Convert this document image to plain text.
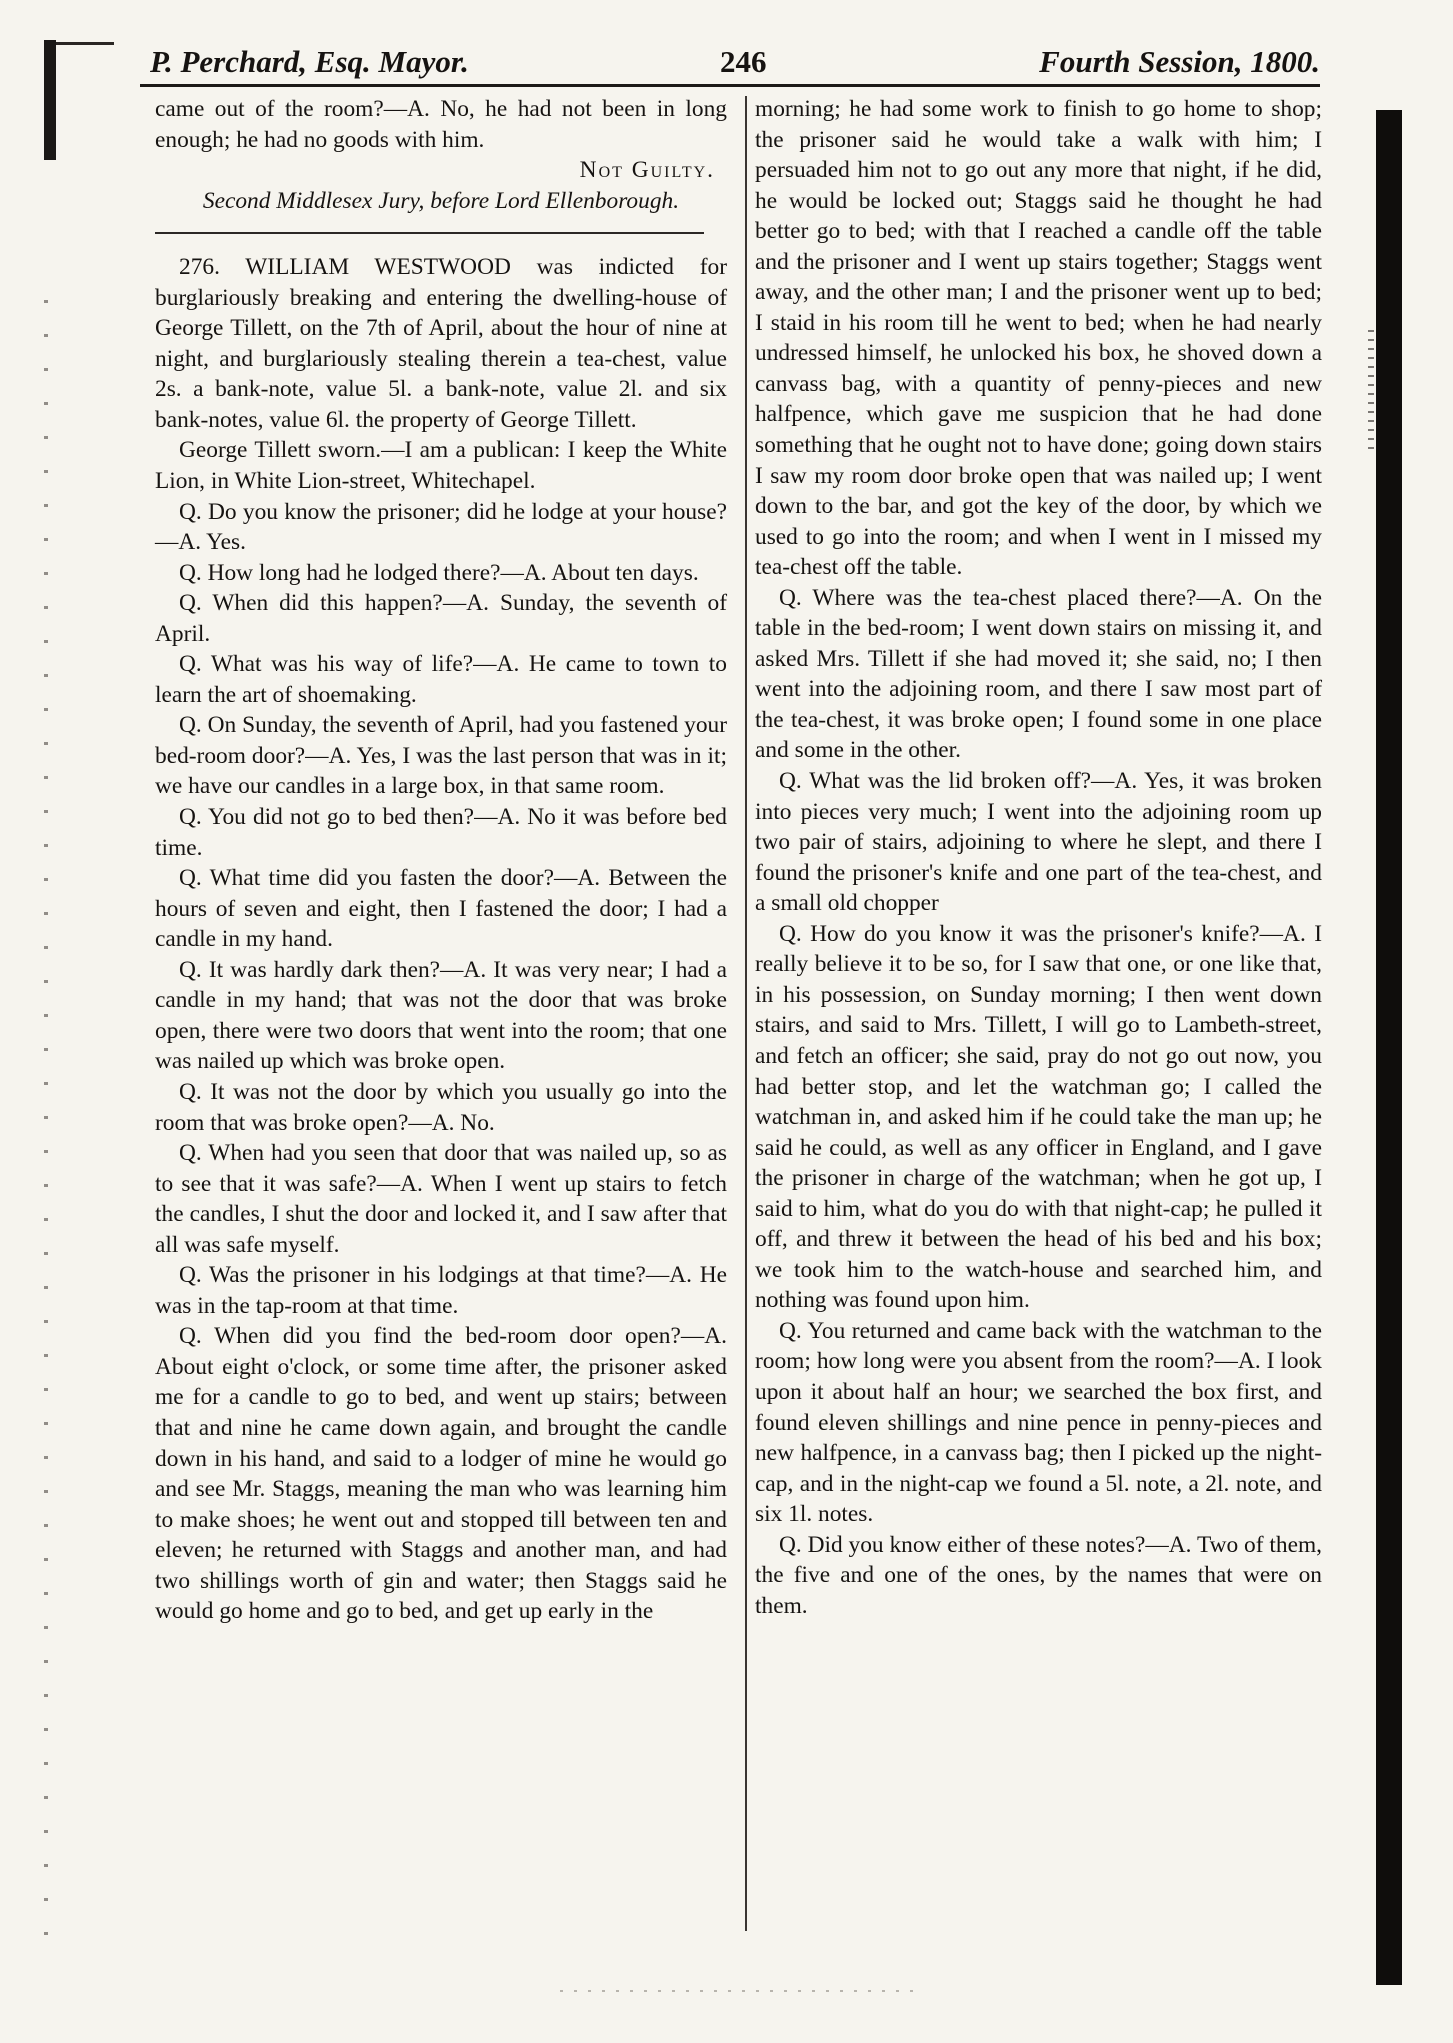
P. Perchard, Esq. Mayor.	246	Fourth Session, 1800.

came out of the room?—A. No, he had not been in long enough; he had no goods with him.

Not Guilty.

Second Middlesex Jury, before Lord Ellenborough.

276. WILLIAM WESTWOOD was indicted for burglariously breaking and entering the dwelling-house of George Tillett, on the 7th of April, about the hour of nine at night, and burglariously stealing therein a tea-chest, value 2s. a bank-note, value 5l. a bank-note, value 2l. and six bank-notes, value 6l. the property of George Tillett.

George Tillett sworn.—I am a publican: I keep the White Lion, in White Lion-street, Whitechapel.

Q. Do you know the prisoner; did he lodge at your house?—A. Yes.

Q. How long had he lodged there?—A. About ten days.

Q. When did this happen?—A. Sunday, the seventh of April.

Q. What was his way of life?—A. He came to town to learn the art of shoemaking.

Q. On Sunday, the seventh of April, had you fastened your bed-room door?—A. Yes, I was the last person that was in it; we have our candles in a large box, in that same room.

Q. You did not go to bed then?—A. No it was before bed time.

Q. What time did you fasten the door?—A. Between the hours of seven and eight, then I fastened the door; I had a candle in my hand.

Q. It was hardly dark then?—A. It was very near; I had a candle in my hand; that was not the door that was broke open, there were two doors that went into the room; that one was nailed up which was broke open.

Q. It was not the door by which you usually go into the room that was broke open?—A. No.

Q. When had you seen that door that was nailed up, so as to see that it was safe?—A. When I went up stairs to fetch the candles, I shut the door and locked it, and I saw after that all was safe myself.

Q. Was the prisoner in his lodgings at that time?—A. He was in the tap-room at that time.

Q. When did you find the bed-room door open?—A. About eight o'clock, or some time after, the prisoner asked me for a candle to go to bed, and went up stairs; between that and nine he came down again, and brought the candle down in his hand, and said to a lodger of mine he would go and see Mr. Staggs, meaning the man who was learning him to make shoes; he went out and stopped till between ten and eleven; he returned with Staggs and another man, and had two shillings worth of gin and water; then Staggs said he would go home and go to bed, and get up early in the

morning; he had some work to finish to go home to shop; the prisoner said he would take a walk with him; I persuaded him not to go out any more that night, if he did, he would be locked out; Staggs said he thought he had better go to bed; with that I reached a candle off the table and the prisoner and I went up stairs together; Staggs went away, and the other man; I and the prisoner went up to bed; I staid in his room till he went to bed; when he had nearly undressed himself, he unlocked his box, he shoved down a canvass bag, with a quantity of penny-pieces and new halfpence, which gave me suspicion that he had done something that he ought not to have done; going down stairs I saw my room door broke open that was nailed up; I went down to the bar, and got the key of the door, by which we used to go into the room; and when I went in I missed my tea-chest off the table.

Q. Where was the tea-chest placed there?—A. On the table in the bed-room; I went down stairs on missing it, and asked Mrs. Tillett if she had moved it; she said, no; I then went into the adjoining room, and there I saw most part of the tea-chest, it was broke open; I found some in one place and some in the other.

Q. What was the lid broken off?—A. Yes, it was broken into pieces very much; I went into the adjoining room up two pair of stairs, adjoining to where he slept, and there I found the prisoner's knife and one part of the tea-chest, and a small old chopper

Q. How do you know it was the prisoner's knife?—A. I really believe it to be so, for I saw that one, or one like that, in his possession, on Sunday morning; I then went down stairs, and said to Mrs. Tillett, I will go to Lambeth-street, and fetch an officer; she said, pray do not go out now, you had better stop, and let the watchman go; I called the watchman in, and asked him if he could take the man up; he said he could, as well as any officer in England, and I gave the prisoner in charge of the watchman; when he got up, I said to him, what do you do with that night-cap; he pulled it off, and threw it between the head of his bed and his box; we took him to the watch-house and searched him, and nothing was found upon him.

Q. You returned and came back with the watchman to the room; how long were you absent from the room?—A. I look upon it about half an hour; we searched the box first, and found eleven shillings and nine pence in penny-pieces and new halfpence, in a canvass bag; then I picked up the night-cap, and in the night-cap we found a 5l. note, a 2l. note, and six 1l. notes.

Q. Did you know either of these notes?—A. Two of them, the five and one of the ones, by the names that were on them.
